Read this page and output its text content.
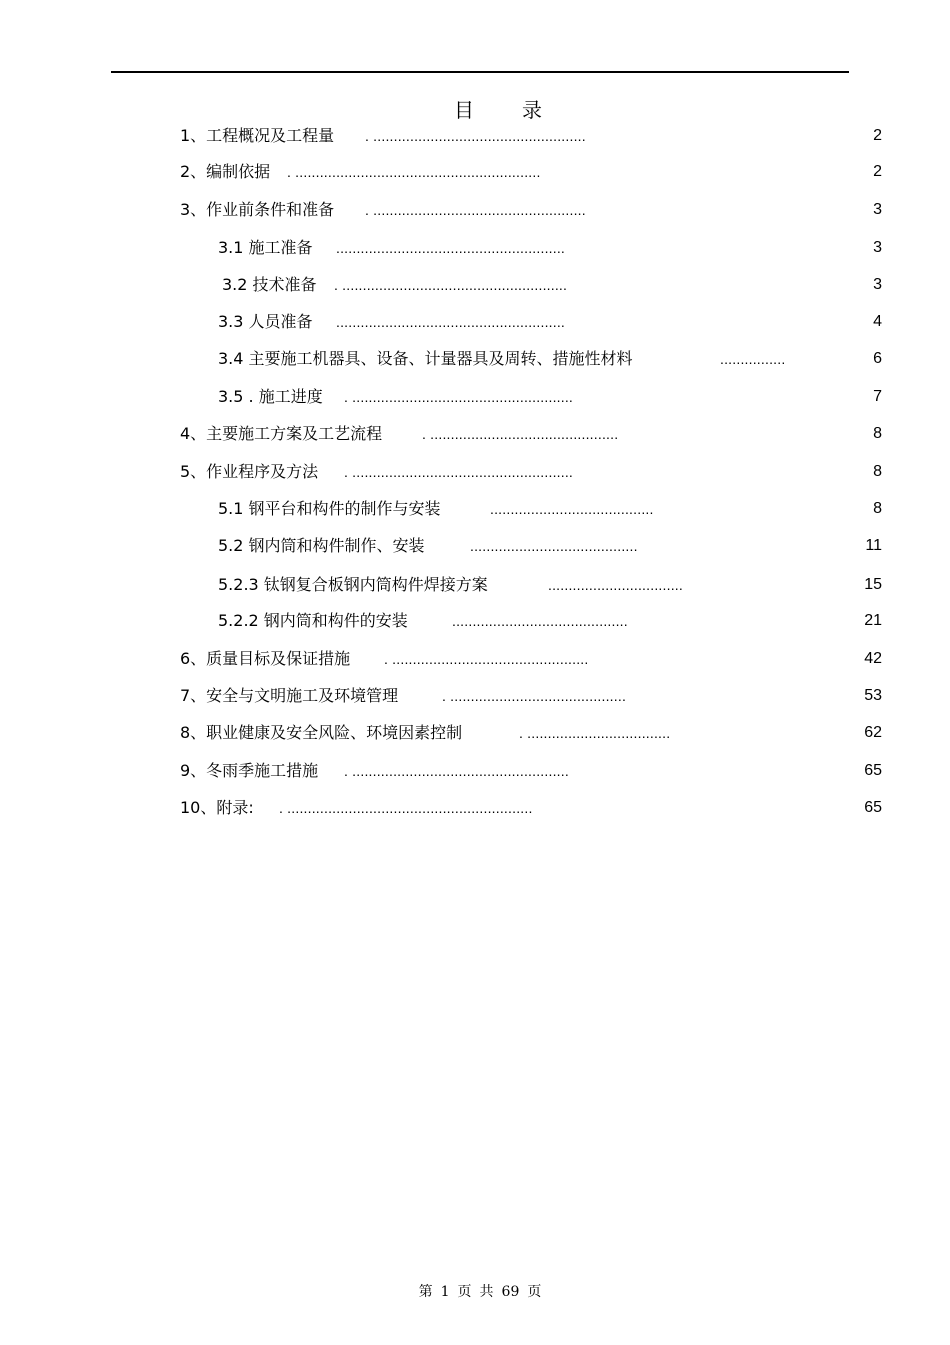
目 录
1、工程概况及工程量 . ....................................................	2
2、编制依据 . ............................................................	2
3、作业前条件和准备 . ....................................................	3
3.1 施工准备 ........................................................	3
3.2 技术准备 . .......................................................	3
3.3 人员准备 ........................................................	4
3.4 主要施工机器具、设备、计量器具及周转、措施性材料	................	6
3.5 . 施工进度 . ......................................................	7
4、主要施工方案及工艺流程	. ..............................................	8
5、作业程序及方法 . ......................................................	8
5.1 钢平台和构件的制作与安装	........................................	8
5.2 钢内筒和构件制作、安装	.........................................	11
5.2.3 钛钢复合板钢内筒构件焊接方案	.................................	15
5.2.2 钢内筒和构件的安装	...........................................	21
6、质量目标及保证措施 . ................................................	42
7、安全与文明施工及环境管理	. ...........................................	53
8、职业健康及安全风险、环境因素控制	. ...................................	62
9、冬雨季施工措施 . .....................................................	65
10、附录: . ............................................................	65
第 1 页 共 69 页
